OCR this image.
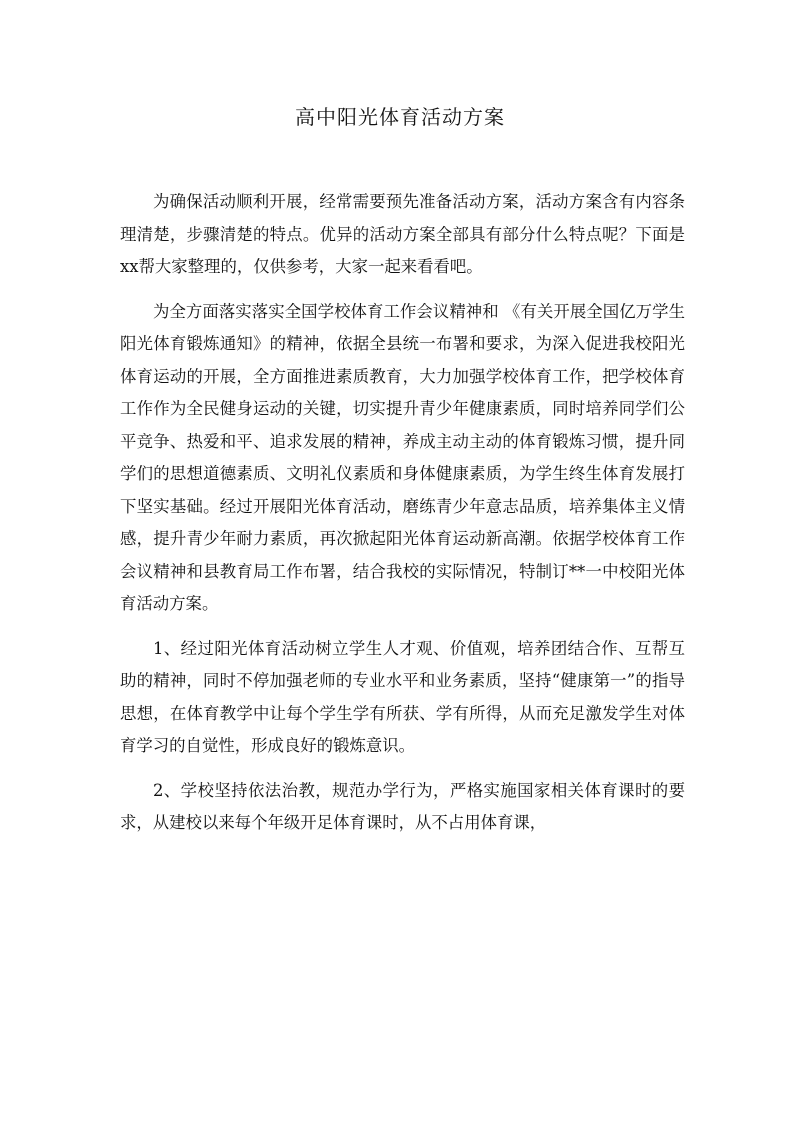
高中阳光体育活动方案

为确保活动顺利开展，经常需要预先准备活动方案，活动方案含有内容条理清楚，步骤清楚的特点。优异的活动方案全部具有部分什么特点呢？下面是xx帮大家整理的，仅供参考，大家一起来看看吧。

为全方面落实落实全国学校体育工作会议精神和 《有关开展全国亿万学生阳光体育锻炼通知》的精神，依据全县统一布署和要求，为深入促进我校阳光体育运动的开展，全方面推进素质教育，大力加强学校体育工作，把学校体育工作作为全民健身运动的关键，切实提升青少年健康素质，同时培养同学们公平竞争、热爱和平、追求发展的精神，养成主动主动的体育锻炼习惯，提升同学们的思想道德素质、文明礼仪素质和身体健康素质，为学生终生体育发展打下坚实基础。经过开展阳光体育活动，磨练青少年意志品质，培养集体主义情感，提升青少年耐力素质，再次掀起阳光体育运动新高潮。依据学校体育工作会议精神和县教育局工作布署，结合我校的实际情况，特制订**一中校阳光体育活动方案。

1、经过阳光体育活动树立学生人才观、价值观，培养团结合作、互帮互助的精神，同时不停加强老师的专业水平和业务素质，坚持“健康第一”的指导思想，在体育教学中让每个学生学有所获、学有所得，从而充足激发学生对体育学习的自觉性，形成良好的锻炼意识。

2、学校坚持依法治教，规范办学行为，严格实施国家相关体育课时的要求，从建校以来每个年级开足体育课时，从不占用体育课，
